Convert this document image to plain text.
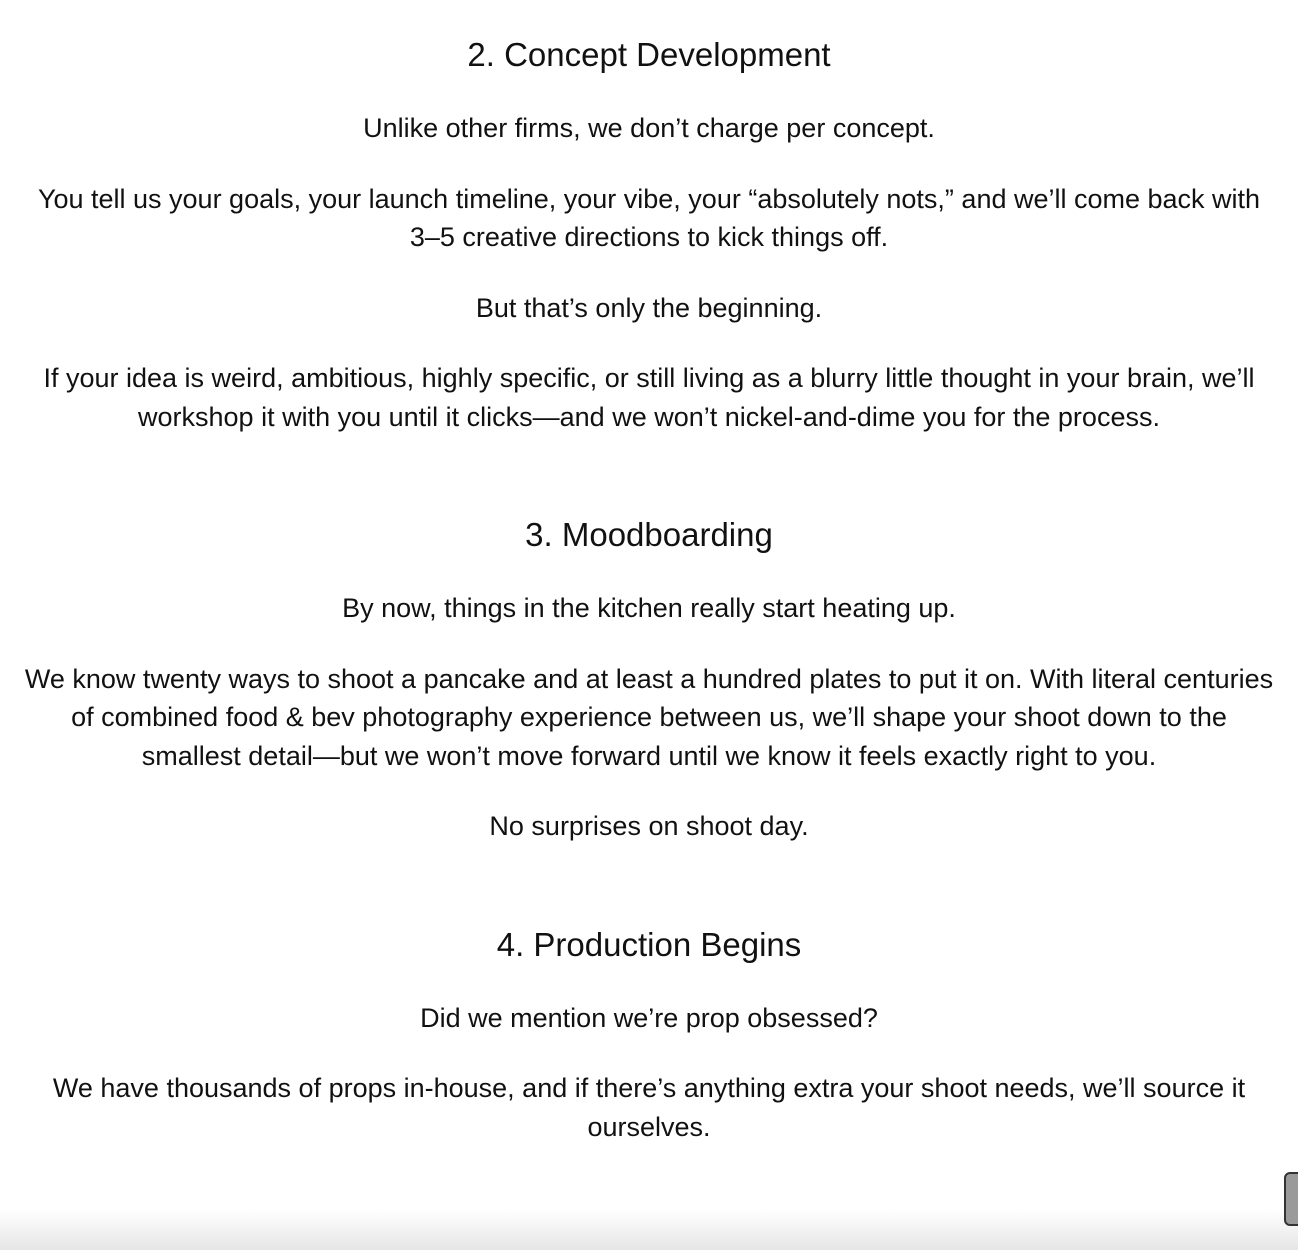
2. Concept Development

Unlike other firms, we don’t charge per concept.

You tell us your goals, your launch timeline, your vibe, your “absolutely nots,” and we’ll come back with 3–5 creative directions to kick things off.

But that’s only the beginning.

If your idea is weird, ambitious, highly specific, or still living as a blurry little thought in your brain, we’ll workshop it with you until it clicks—and we won’t nickel-and-dime you for the process.

3. Moodboarding

By now, things in the kitchen really start heating up.

We know twenty ways to shoot a pancake and at least a hundred plates to put it on. With literal centuries of combined food & bev photography experience between us, we’ll shape your shoot down to the smallest detail—but we won’t move forward until we know it feels exactly right to you.

No surprises on shoot day.

4. Production Begins

Did we mention we’re prop obsessed?

We have thousands of props in-house, and if there’s anything extra your shoot needs, we’ll source it ourselves.
